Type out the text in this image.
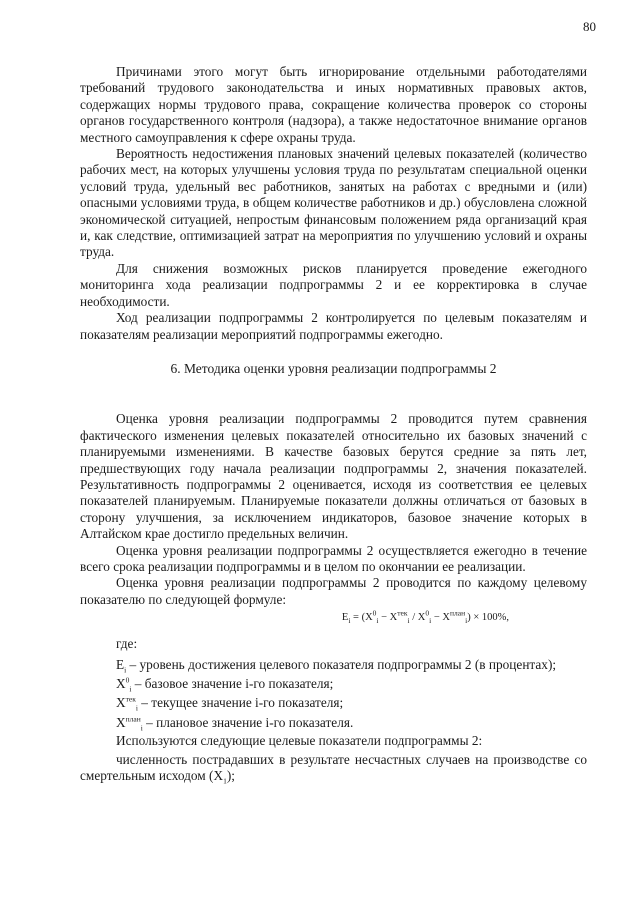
80

Причинами этого могут быть игнорирование отдельными работодателями требований трудового законодательства и иных нормативных правовых актов, содержащих нормы трудового права, сокращение количества проверок со стороны органов государственного контроля (надзора), а также недостаточное внимание органов местного самоуправления к сфере охраны труда.

Вероятность недостижения плановых значений целевых показателей (количество рабочих мест, на которых улучшены условия труда по результатам специальной оценки условий труда, удельный вес работников, занятых на работах с вредными и (или) опасными условиями труда, в общем количестве работников и др.) обусловлена сложной экономической ситуацией, непростым финансовым положением ряда организаций края и, как следствие, оптимизацией затрат на мероприятия по улучшению условий и охраны труда.

Для снижения возможных рисков планируется проведение ежегодного мониторинга хода реализации подпрограммы 2 и ее корректировка в случае необходимости.

Ход реализации подпрограммы 2 контролируется по целевым показателям и показателям реализации мероприятий подпрограммы ежегодно.

6. Методика оценки уровня реализации подпрограммы 2

Оценка уровня реализации подпрограммы 2 проводится путем сравнения фактического изменения целевых показателей относительно их базовых значений с планируемыми изменениями. В качестве базовых берутся средние за пять лет, предшествующих году начала реализации подпрограммы 2, значения показателей. Результативность подпрограммы 2 оценивается, исходя из соответствия ее целевых показателей планируемым. Планируемые показатели должны отличаться от базовых в сторону улучшения, за исключением индикаторов, базовое значение которых в Алтайском крае достигло предельных величин.

Оценка уровня реализации подпрограммы 2 осуществляется ежегодно в течение всего срока реализации подпрограммы и в целом по окончании ее реализации.

Оценка уровня реализации подпрограммы 2 проводится по каждому целевому показателю по следующей формуле:

$E_i = (X^0_i - X^{тек}_i / X^0_i - X^{план}_i) \times 100\%$,

где:

$E_i$ – уровень достижения целевого показателя подпрограммы 2 (в процентах);

$X^0_i$ – базовое значение i-го показателя;

$X^{тек}_i$ – текущее значение i-го показателя;

$X^{план}_i$ – плановое значение i-го показателя.

Используются следующие целевые показатели подпрограммы 2:

численность пострадавших в результате несчастных случаев на производстве со смертельным исходом $(X_1)$;
